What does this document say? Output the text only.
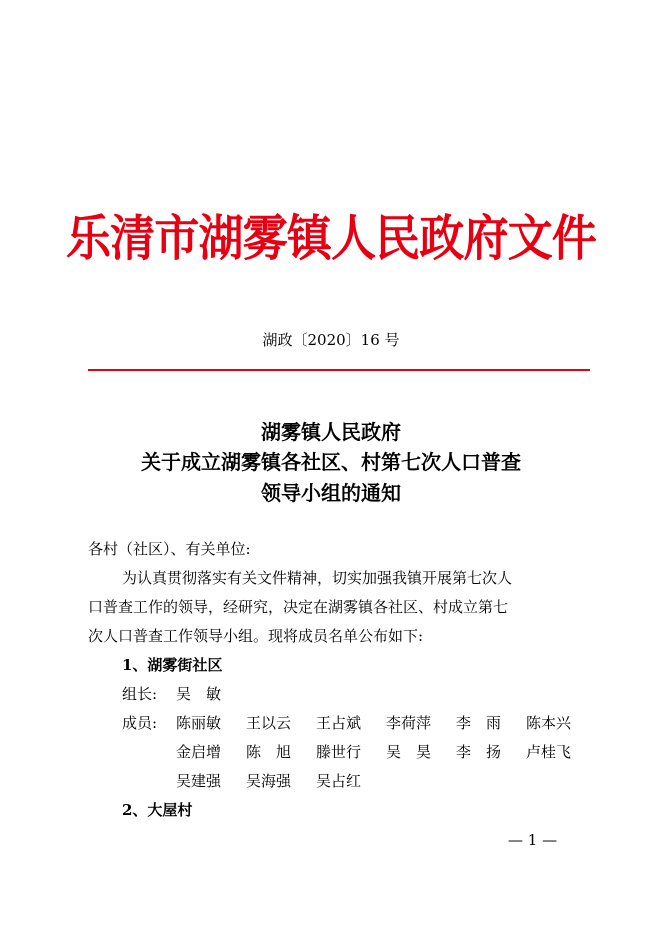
乐清市湖雾镇人民政府文件
湖政〔2020〕16 号
湖雾镇人民政府
关于成立湖雾镇各社区、村第七次人口普查
领导小组的通知
各村（社区）、有关单位:
为认真贯彻落实有关文件精神，切实加强我镇开展第七次人
口普查工作的领导，经研究，决定在湖雾镇各社区、村成立第七
次人口普查工作领导小组。现将成员名单公布如下:
1、湖雾街社区
组长: 吴　敏
成员: 陈丽敏	王以云	王占斌	李荷萍	李　雨	陈本兴
金启增	陈　旭	滕世行	吴　昊	李　扬	卢桂飞
吴建强	吴海强	吴占红
2、大屋村
— 1 —
